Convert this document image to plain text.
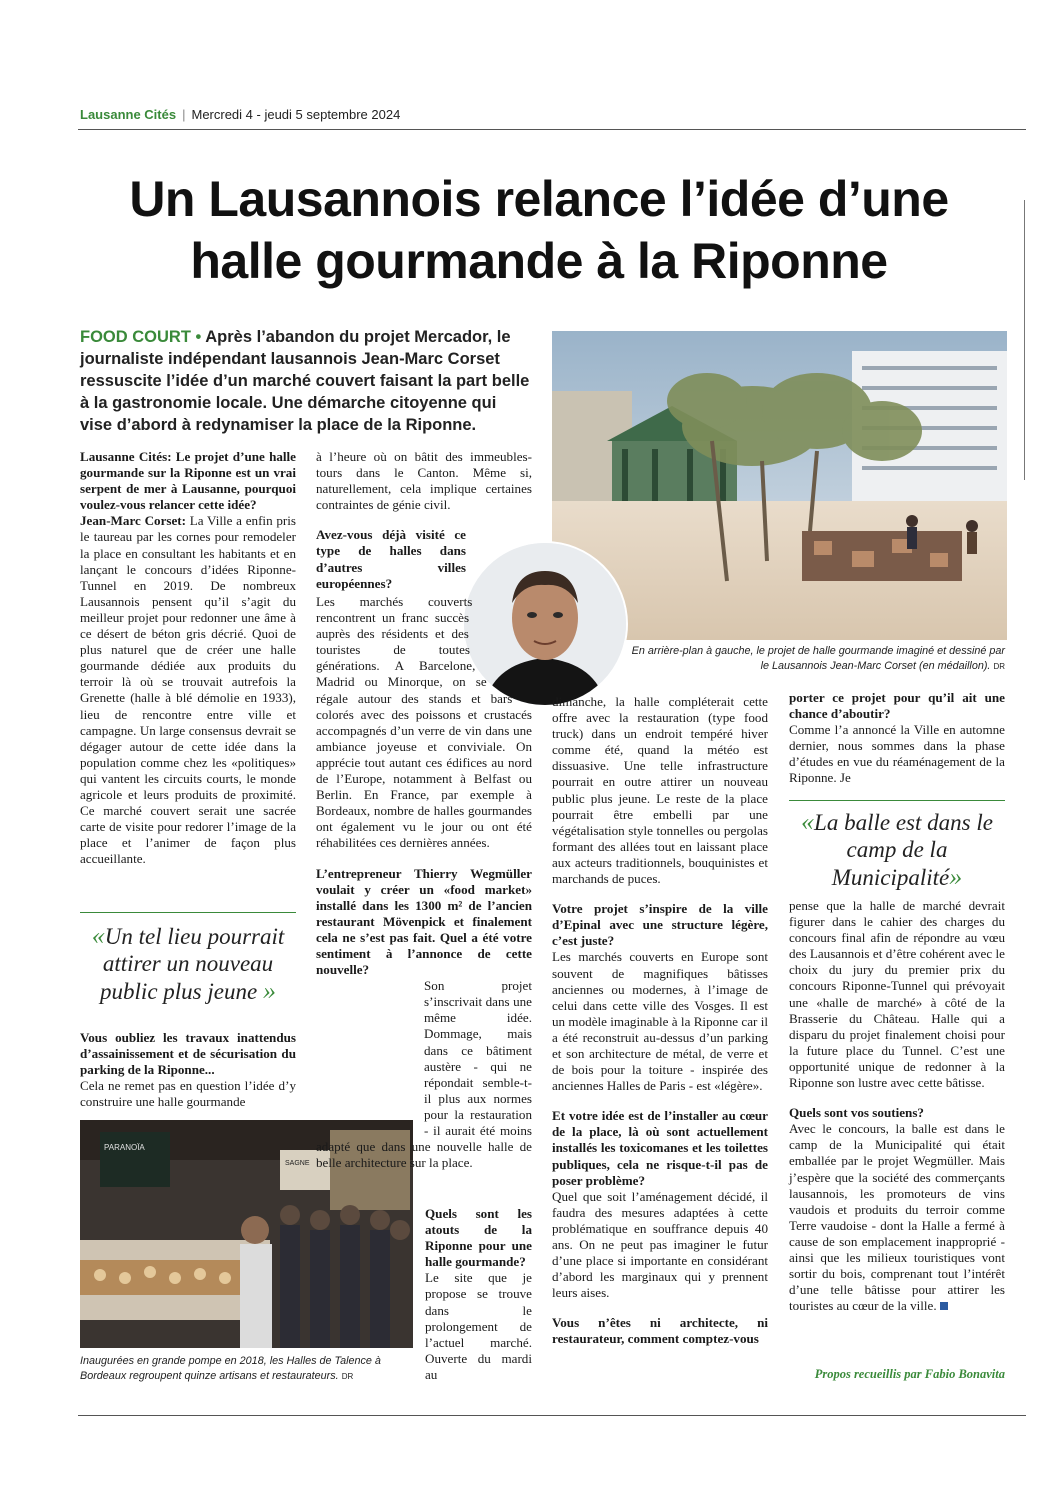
Lausanne Cités | Mercredi 4 - jeudi 5 septembre 2024
Un Lausannois relance l’idée d’une
halle gourmande à la Riponne
FOOD COURT • Après l’abandon du projet Mercador, le journaliste indépendant lausannois Jean-Marc Corset ressuscite l’idée d’un marché couvert faisant la part belle à la gastronomie locale. Une démarche citoyenne qui vise d’abord à redynamiser la place de la Riponne.
En arrière-plan à gauche, le projet de halle gourmande imaginé et dessiné par le Lausannois Jean-Marc Corset (en médaillon). DR

Lausanne Cités: Le projet d’une halle gourmande sur la Riponne est un vrai serpent de mer à Lausanne, pourquoi voulez-vous relancer cette idée?

Jean-Marc Corset: La Ville a enfin pris le taureau par les cornes pour remodeler la place en consultant les habitants et en lançant le concours d’idées Riponne-Tunnel en 2019. De nombreux Lausannois pensent qu’il s’agit du meilleur projet pour redonner une âme à ce désert de béton gris décrié. Quoi de plus naturel que de créer une halle gourmande dédiée aux produits du terroir là où se trouvait autrefois la Grenette (halle à blé démolie en 1933), lieu de rencontre entre ville et campagne. Un large consensus devrait se dégager autour de cette idée dans la population comme chez les «politiques» qui vantent les circuits courts, le monde agricole et leurs produits de proximité. Ce marché couvert serait une sacrée carte de visite pour redorer l’image de la place et l’animer de façon plus accueillante.

«Un tel lieu pourrait attirer un nouveau public plus jeune »

Vous oubliez les travaux inattendus d’assainissement et de sécurisation du parking de la Riponne...

Cela ne remet pas en question l’idée d’y construire une halle gourmande

PARANOÏA
SAGNE
Inaugurées en grande pompe en 2018, les Halles de Talence à Bordeaux regroupent quinze artisans et restaurateurs. DR

à l’heure où on bâtit des immeubles-tours dans le Canton. Même si, naturellement, cela implique certaines contraintes de génie civil.

Avez-vous déjà visité ce type de halles dans d’autres villes européennes?

Les marchés couverts rencontrent un franc succès auprès des résidents et des touristes de toutes générations. A Barcelone, Madrid ou Minorque, on se régale autour des stands et bars colorés avec des poissons et crustacés accompagnés d’un verre de vin dans une ambiance joyeuse et conviviale. On apprécie tout autant ces édifices au nord de l’Europe, notamment à Belfast ou Berlin. En France, par exemple à Bordeaux, nombre de halles gourmandes ont également vu le jour ou ont été réhabilitées ces dernières années.

L’entrepreneur Thierry Wegmüller voulait y créer un «food market» installé dans les 1300 m² de l’ancien restaurant Mövenpick et finalement cela ne s’est pas fait. Quel a été votre sentiment à l’annonce de cette nouvelle?

Son projet s’inscrivait dans une même idée. Dommage, mais dans ce bâtiment austère - qui ne répondait semble-t-il plus aux normes pour la restauration - il aurait été moins adapté que dans une nouvelle halle de belle architecture sur la place.

Quels sont les atouts de la Riponne pour une halle gourmande?

Le site que je propose se trouve dans le prolongement de l’actuel marché. Ouverte du mardi au

dimanche, la halle compléterait cette offre avec la restauration (type food truck) dans un endroit tempéré hiver comme été, quand la météo est dissuasive. Une telle infrastructure pourrait en outre attirer un nouveau public plus jeune. Le reste de la place pourrait être embelli par une végétalisation style tonnelles ou pergolas formant des allées tout en laissant place aux acteurs traditionnels, bouquinistes et marchands de puces.

Votre projet s’inspire de la ville d’Epinal avec une structure légère, c’est juste?

Les marchés couverts en Europe sont souvent de magnifiques bâtisses anciennes ou modernes, à l’image de celui dans cette ville des Vosges. Il est un modèle imaginable à la Riponne car il a été reconstruit au-dessus d’un parking et son architecture de métal, de verre et de bois pour la toiture - inspirée des anciennes Halles de Paris - est «légère».

Et votre idée est de l’installer au cœur de la place, là où sont actuellement installés les toxicomanes et les toilettes publiques, cela ne risque-t-il pas de poser problème?

Quel que soit l’aménagement décidé, il faudra des mesures adaptées à cette problématique en souffrance depuis 40 ans. On ne peut pas imaginer le futur d’une place si importante en considérant d’abord les marginaux qui y prennent leurs aises.

Vous n’êtes ni architecte, ni restaurateur, comment comptez-vous

porter ce projet pour qu’il ait une chance d’aboutir?

Comme l’a annoncé la Ville en automne dernier, nous sommes dans la phase d’études en vue du réaménagement de la Riponne. Je

«La balle est dans le camp de la Municipalité»

pense que la halle de marché devrait figurer dans le cahier des charges du concours final afin de répondre au vœu des Lausannois et d’être cohérent avec le choix du jury du premier prix du concours Riponne-Tunnel qui prévoyait une «halle de marché» à côté de la Brasserie du Château. Halle qui a disparu du projet finalement choisi pour la future place du Tunnel. C’est une opportunité unique de redonner à la Riponne son lustre avec cette bâtisse.

Quels sont vos soutiens?

Avec le concours, la balle est dans le camp de la Municipalité qui était emballée par le projet Wegmüller. Mais j’espère que la société des commerçants lausannois, les promoteurs de vins vaudois et produits du terroir comme Terre vaudoise - dont la Halle a fermé à cause de son emplacement inapproprié - ainsi que les milieux touristiques vont sortir du bois, comprenant tout l’intérêt d’une telle bâtisse pour attirer les touristes au cœur de la ville.

Propos recueillis par Fabio Bonavita
